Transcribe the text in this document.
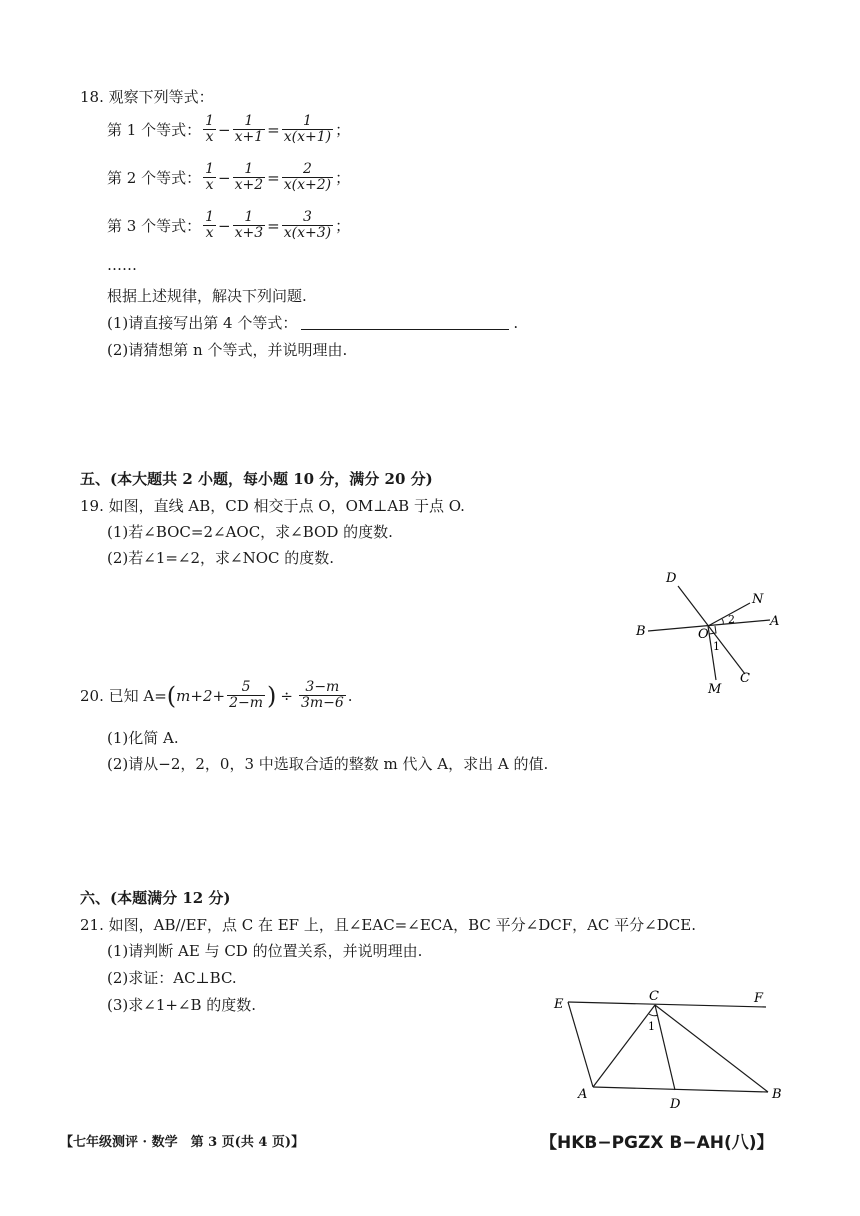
18. 观察下列等式：
第 1 个等式： $\frac{1}{x} - \frac{1}{x+1} = \frac{1}{x(x+1)}$ ；
第 2 个等式： $\frac{1}{x} - \frac{1}{x+2} = \frac{2}{x(x+2)}$ ；
第 3 个等式： $\frac{1}{x} - \frac{1}{x+3} = \frac{3}{x(x+3)}$ ；
……
根据上述规律，解决下列问题.
(1)请直接写出第 4 个等式：	.
(2)请猜想第 n 个等式，并说明理由.
五、(本大题共 2 小题，每小题 10 分，满分 20 分)
19. 如图，直线 AB，CD 相交于点 O，OM⊥AB 于点 O.
(1)若∠BOC=2∠AOC，求∠BOD 的度数.
(2)若∠1=∠2，求∠NOC 的度数.
D
N
A
B	O
1
2
C
M
20. 已知 A= ( $m+2+ \frac{5}{2-m}$ ) ÷ $\frac{3-m}{3m-6}$ .
(1)化简 A.
(2)请从−2，2，0，3 中选取合适的整数 m 代入 A，求出 A 的值.
六、(本题满分 12 分)
21. 如图，AB//EF，点 C 在 EF 上，且∠EAC=∠ECA，BC 平分∠DCF，AC 平分∠DCE.
(1)请判断 AE 与 CD 的位置关系，并说明理由.
(2)求证：AC⊥BC.
(3)求∠1+∠B 的度数.	E
C	F
1
A
D
B
【七年级测评 · 数学　第 3 页(共 4 页)】	【HKB−PGZX B−AH(八)】
